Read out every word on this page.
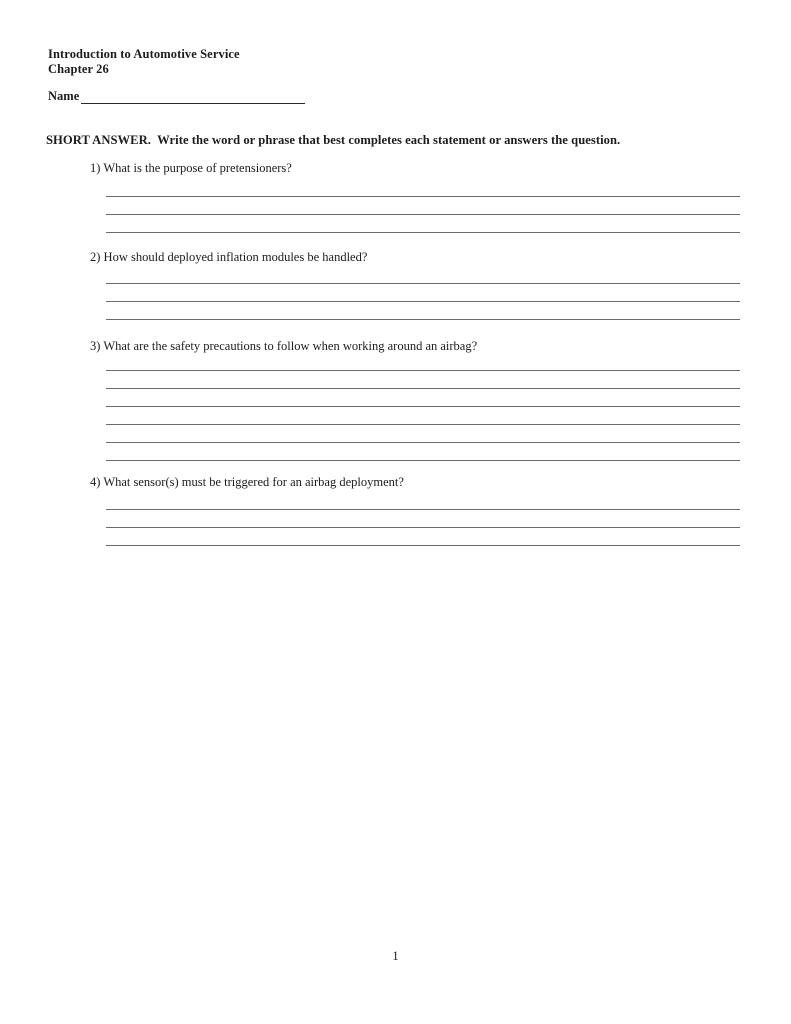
Introduction to Automotive Service
Chapter 26
Name
SHORT ANSWER.  Write the word or phrase that best completes each statement or answers the question.
1) What is the purpose of pretensioners?
2) How should deployed inflation modules be handled?
3) What are the safety precautions to follow when working around an airbag?
4) What sensor(s) must be triggered for an airbag deployment?
1
